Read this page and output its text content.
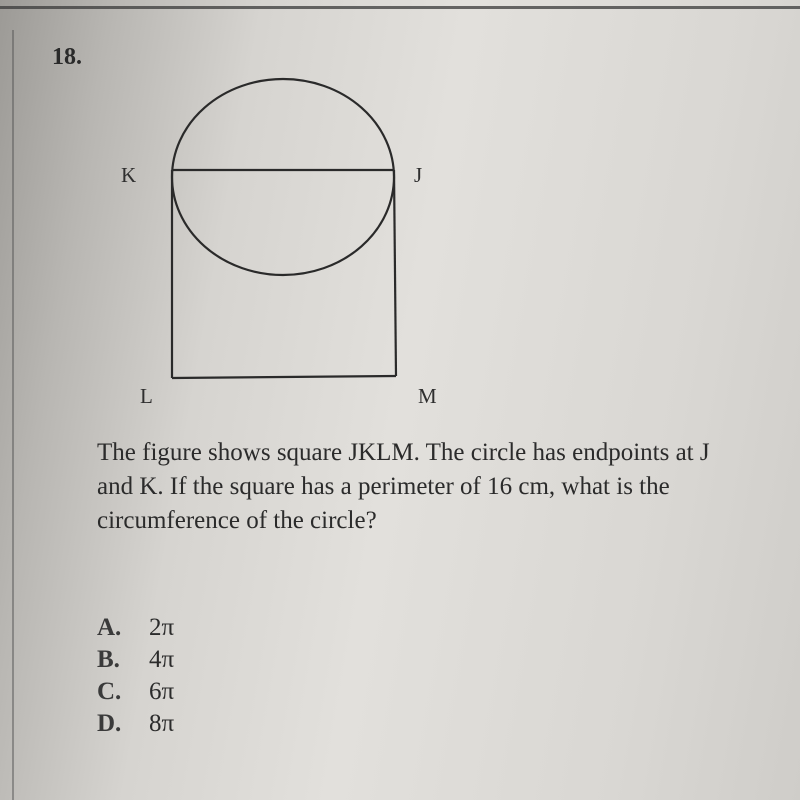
18.
K	J
L	M

The figure shows square JKLM. The circle has endpoints at J and K. If the square has a perimeter of 16 cm, what is the circumference of the circle?

A.	2π
B.	4π
C.	6π
D.	8π
